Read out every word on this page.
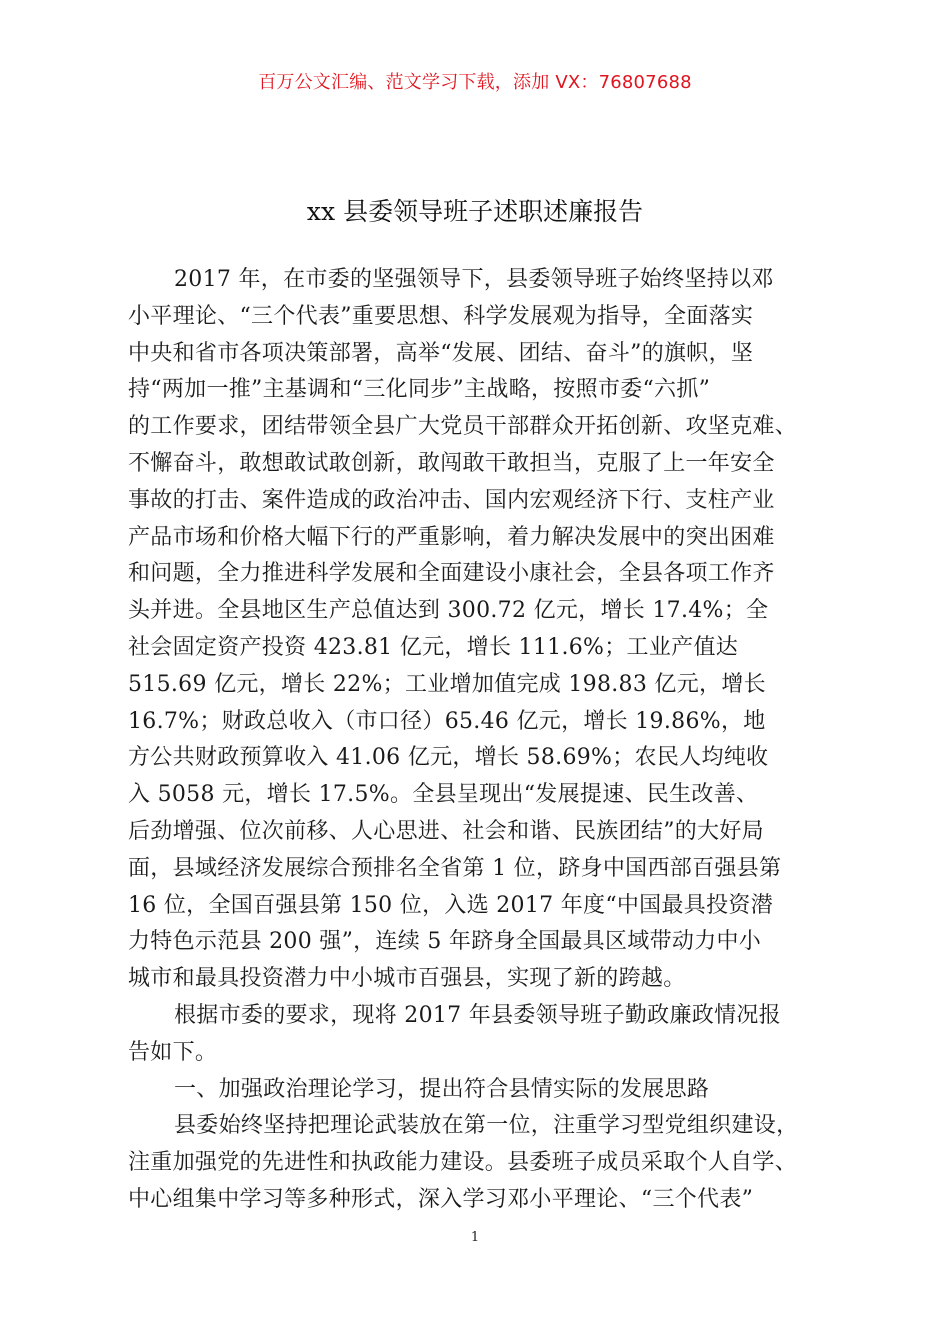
百万公文汇编、范文学习下载，添加 VX：76807688
xx 县委领导班子述职述廉报告
2017 年，在市委的坚强领导下，县委领导班子始终坚持以邓
小平理论、“三个代表”重要思想、科学发展观为指导，全面落实
中央和省市各项决策部署，高举“发展、团结、奋斗”的旗帜，坚
持“两加一推”主基调和“三化同步”主战略，按照市委“六抓”
的工作要求，团结带领全县广大党员干部群众开拓创新、攻坚克难、
不懈奋斗，敢想敢试敢创新，敢闯敢干敢担当，克服了上一年安全
事故的打击、案件造成的政治冲击、国内宏观经济下行、支柱产业
产品市场和价格大幅下行的严重影响，着力解决发展中的突出困难
和问题，全力推进科学发展和全面建设小康社会，全县各项工作齐
头并进。全县地区生产总值达到 300.72 亿元，增长 17.4%；全
社会固定资产投资 423.81 亿元，增长 111.6%；工业产值达
515.69 亿元，增长 22%；工业增加值完成 198.83 亿元，增长
16.7%；财政总收入（市口径）65.46 亿元，增长 19.86%，地
方公共财政预算收入 41.06 亿元，增长 58.69%；农民人均纯收
入 5058 元，增长 17.5%。全县呈现出“发展提速、民生改善、
后劲增强、位次前移、人心思进、社会和谐、民族团结”的大好局
面，县域经济发展综合预排名全省第 1 位，跻身中国西部百强县第
16 位，全国百强县第 150 位，入选 2017 年度“中国最具投资潜
力特色示范县 200 强”，连续 5 年跻身全国最具区域带动力中小
城市和最具投资潜力中小城市百强县，实现了新的跨越。
根据市委的要求，现将 2017 年县委领导班子勤政廉政情况报
告如下。
一、加强政治理论学习，提出符合县情实际的发展思路
县委始终坚持把理论武装放在第一位，注重学习型党组织建设，
注重加强党的先进性和执政能力建设。县委班子成员采取个人自学、
中心组集中学习等多种形式，深入学习邓小平理论、“三个代表”
1
